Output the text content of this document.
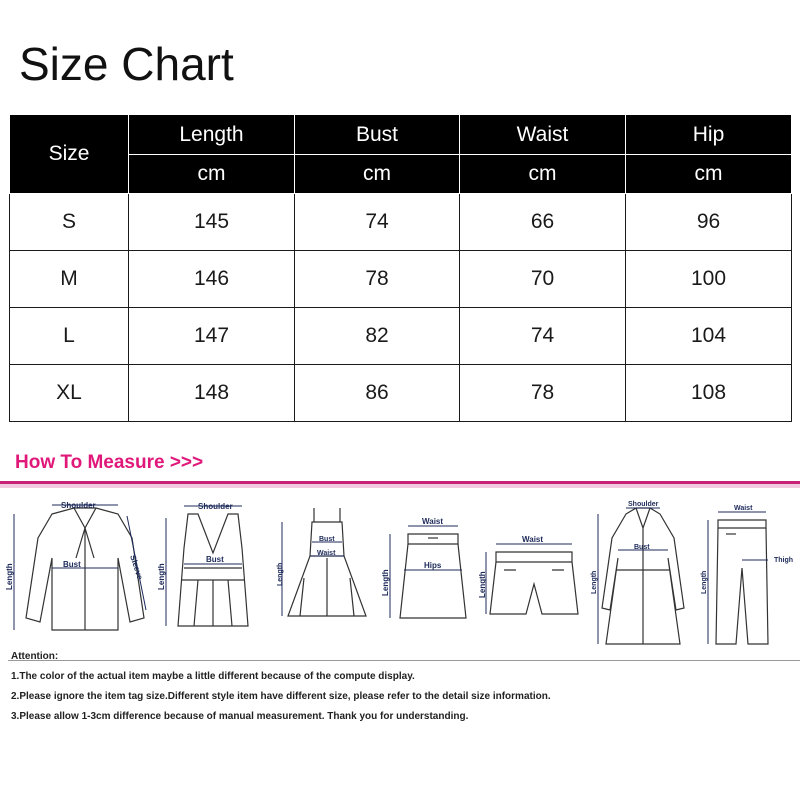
Size Chart
Size	Length	Bust	Waist	Hip
	cm	cm	cm	cm
S	145	74	66	96
M	146	78	70	100
L	147	82	74	104
XL	148	86	78	108
How To Measure >>>
Shoulder
Bust
Length	Sleeve
Shoulder
Bust
Length
Bust
Waist
Length
Waist
Hips
Length
Waist
Length
Shoulder
Bust
Length
Waist
Thigh
Length
Attention:
1.The color of the actual item maybe a little different because of the compute display.
2.Please ignore the item tag size.Different style item have different size, please refer to the detail size information.
3.Please allow 1-3cm difference because of manual measurement. Thank you for understanding.
